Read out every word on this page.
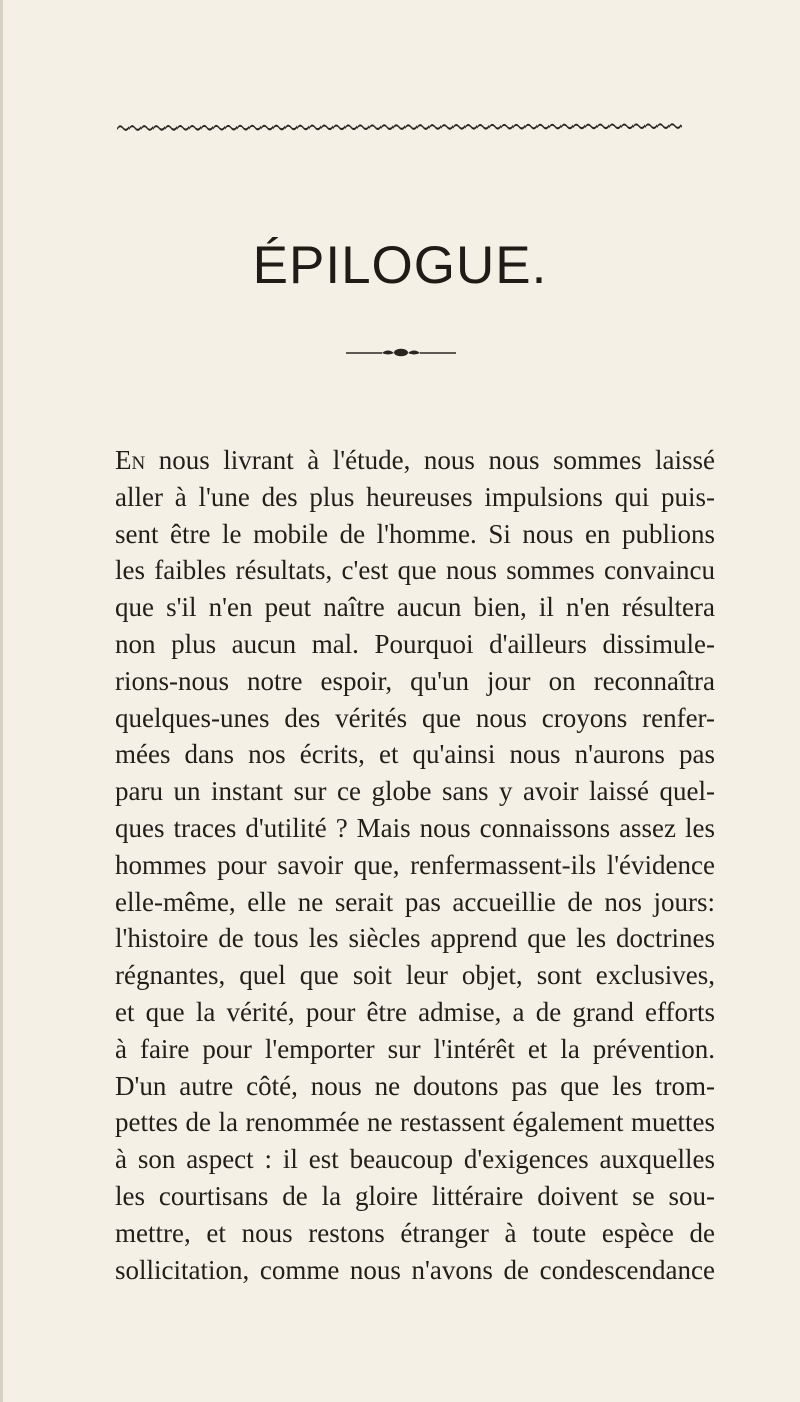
ÉPILOGUE.
En nous livrant à l'étude, nous nous sommes laissé
aller à l'une des plus heureuses impulsions qui puis-
sent être le mobile de l'homme. Si nous en publions
les faibles résultats, c'est que nous sommes convaincu
que s'il n'en peut naître aucun bien, il n'en résultera
non plus aucun mal. Pourquoi d'ailleurs dissimule-
rions-nous notre espoir, qu'un jour on reconnaîtra
quelques-unes des vérités que nous croyons renfer-
mées dans nos écrits, et qu'ainsi nous n'aurons pas
paru un instant sur ce globe sans y avoir laissé quel-
ques traces d'utilité ? Mais nous connaissons assez les
hommes pour savoir que, renfermassent-ils l'évidence
elle-même, elle ne serait pas accueillie de nos jours:
l'histoire de tous les siècles apprend que les doctrines
régnantes, quel que soit leur objet, sont exclusives,
et que la vérité, pour être admise, a de grand efforts
à faire pour l'emporter sur l'intérêt et la prévention.
D'un autre côté, nous ne doutons pas que les trom-
pettes de la renommée ne restassent également muettes
à son aspect : il est beaucoup d'exigences auxquelles
les courtisans de la gloire littéraire doivent se sou-
mettre, et nous restons étranger à toute espèce de
sollicitation, comme nous n'avons de condescendance
